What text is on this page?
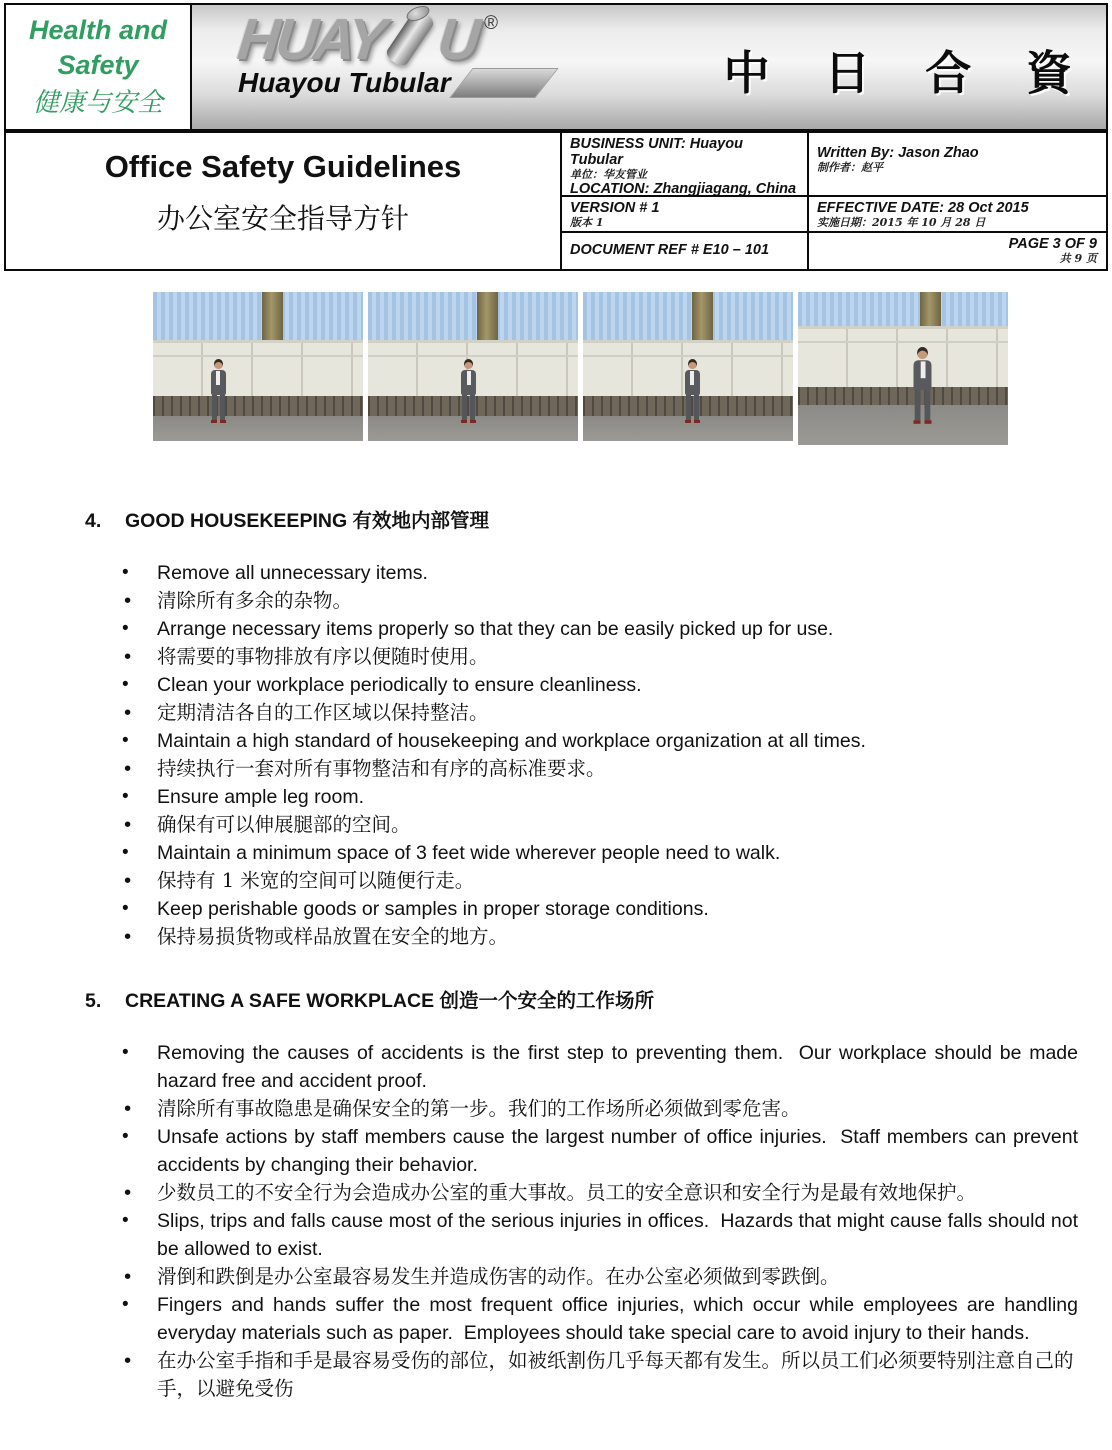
Health and Safety
健康与安全
HUAY U ®
Huayou Tubular	中 日 合 資
Office Safety Guidelines
办公室安全指导方针
BUSINESS UNIT: Huayou Tubular
单位：华友管业
LOCATION: Zhangjiagang, China
Written By: Jason Zhao
制作者：赵平
VERSION # 1
版本 1
EFFECTIVE DATE: 28 Oct 2015
实施日期：2015 年 10 月 28 日
DOCUMENT REF # E10 – 101	PAGE 3 OF 9
共 9 页
4.	GOOD HOUSEKEEPING 有效地内部管理
• Remove all unnecessary items.
• 清除所有多余的杂物。
• Arrange necessary items properly so that they can be easily picked up for use.
• 将需要的事物排放有序以便随时使用。
• Clean your workplace periodically to ensure cleanliness.
• 定期清洁各自的工作区域以保持整洁。
• Maintain a high standard of housekeeping and workplace organization at all times.
• 持续执行一套对所有事物整洁和有序的高标准要求。
• Ensure ample leg room.
• 确保有可以伸展腿部的空间。
• Maintain a minimum space of 3 feet wide wherever people need to walk.
• 保持有 1 米宽的空间可以随便行走。
• Keep perishable goods or samples in proper storage conditions.
• 保持易损货物或样品放置在安全的地方。
5.	CREATING A SAFE WORKPLACE 创造一个安全的工作场所
• Removing the causes of accidents is the first step to preventing them.  Our workplace should be made hazard free and accident proof.
• 清除所有事故隐患是确保安全的第一步。我们的工作场所必须做到零危害。
• Unsafe actions by staff members cause the largest number of office injuries.  Staff members can prevent accidents by changing their behavior.
• 少数员工的不安全行为会造成办公室的重大事故。员工的安全意识和安全行为是最有效地保护。
• Slips, trips and falls cause most of the serious injuries in offices.  Hazards that might cause falls should not be allowed to exist.
• 滑倒和跌倒是办公室最容易发生并造成伤害的动作。在办公室必须做到零跌倒。
• Fingers and hands suffer the most frequent office injuries, which occur while employees are handling everyday materials such as paper.  Employees should take special care to avoid injury to their hands.
• 在办公室手指和手是最容易受伤的部位，如被纸割伤几乎每天都有发生。所以员工们必须要特别注意自己的手，以避免受伤
